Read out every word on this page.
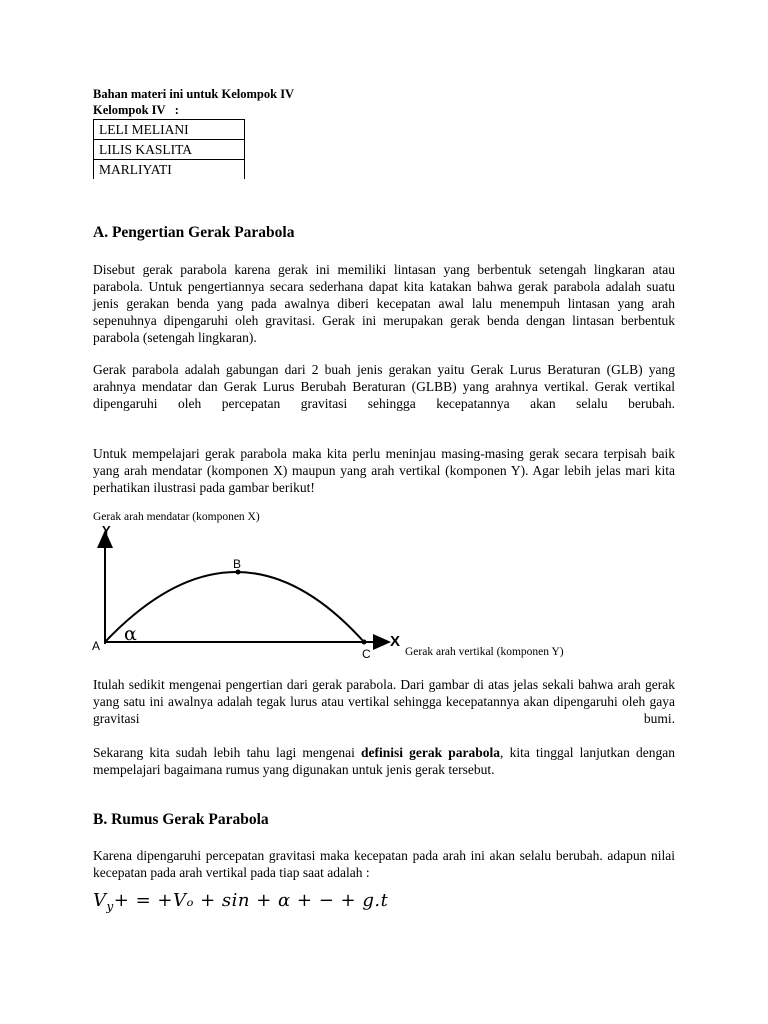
Bahan materi ini untuk Kelompok IV
Kelompok IV   :
LELI MELIANI
LILIS KASLITA
MARLIYATI
A. Pengertian Gerak Parabola

Disebut gerak parabola karena gerak ini memiliki lintasan yang berbentuk setengah lingkaran atau parabola. Untuk pengertiannya secara sederhana dapat kita katakan bahwa gerak parabola adalah suatu jenis gerakan benda yang pada awalnya diberi kecepatan awal lalu menempuh lintasan yang arah sepenuhnya dipengaruhi oleh gravitasi. Gerak ini merupakan gerak benda dengan lintasan berbentuk parabola (setengah lingkaran).

Gerak parabola adalah gabungan dari 2 buah jenis gerakan yaitu Gerak Lurus Beraturan (GLB) yang arahnya mendatar dan Gerak Lurus Berubah Beraturan (GLBB) yang arahnya vertikal. Gerak vertikal dipengaruhi oleh percepatan gravitasi sehingga kecepatannya akan selalu berubah.

Untuk mempelajari gerak parabola maka kita perlu meninjau masing-masing gerak secara terpisah baik yang arah mendatar (komponen X) maupun yang arah vertikal (komponen Y). Agar lebih jelas mari kita perhatikan ilustrasi pada gambar berikut!

Gerak arah mendatar (komponen X)
Y
X
A
B
C
α
Gerak arah vertikal (komponen Y)

Itulah sedikit mengenai pengertian dari gerak parabola. Dari gambar di atas jelas sekali bahwa arah gerak yang satu ini awalnya adalah tegak lurus atau vertikal sehingga kecepatannya akan dipengaruhi oleh gaya gravitasi bumi.

Sekarang kita sudah lebih tahu lagi mengenai definisi gerak parabola, kita tinggal lanjutkan dengan mempelajari bagaimana rumus yang digunakan untuk jenis gerak tersebut.

B. Rumus Gerak Parabola

Karena dipengaruhi percepatan gravitasi maka kecepatan pada arah ini akan selalu berubah. adapun nilai kecepatan pada arah vertikal pada tiap saat adalah :

$V_y+ = +V_o + \sin + \alpha$ + − + g.t
